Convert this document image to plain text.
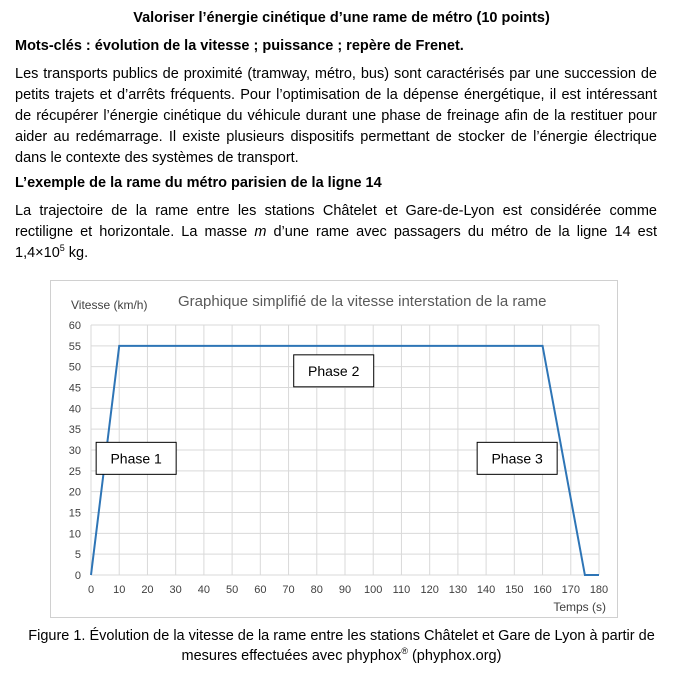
Valoriser l’énergie cinétique d’une rame de métro (10 points)
Mots-clés : évolution de la vitesse ; puissance ; repère de Frenet.
Les transports publics de proximité (tramway, métro, bus) sont caractérisés par une succession de petits trajets et d’arrêts fréquents. Pour l’optimisation de la dépense énergétique, il est intéressant de récupérer l’énergie cinétique du véhicule durant une phase de freinage afin de la restituer pour aider au redémarrage. Il existe plusieurs dispositifs permettant de stocker de l’énergie électrique dans le contexte des systèmes de transport.
L’exemple de la rame du métro parisien de la ligne 14
La trajectoire de la rame entre les stations Châtelet et Gare-de-Lyon est considérée comme rectiligne et horizontale. La masse m d’une rame avec passagers du métro de la ligne 14 est $1,4\times 10^5$ kg.
Graphique simplifié de la vitesse interstation de la rame
Vitesse (km/h)
Temps (s)
0
5
10
15
20
25
30
35
40
45
50
55
60
0 10 20 30 40 50 60 70 80 90 100 110 120 130 140 150 160 170 180
Phase 1
Phase 2
Phase 3
Figure 1. Évolution de la vitesse de la rame entre les stations Châtelet et Gare de Lyon à partir de mesures effectuées avec phyphox® (phyphox.org)
